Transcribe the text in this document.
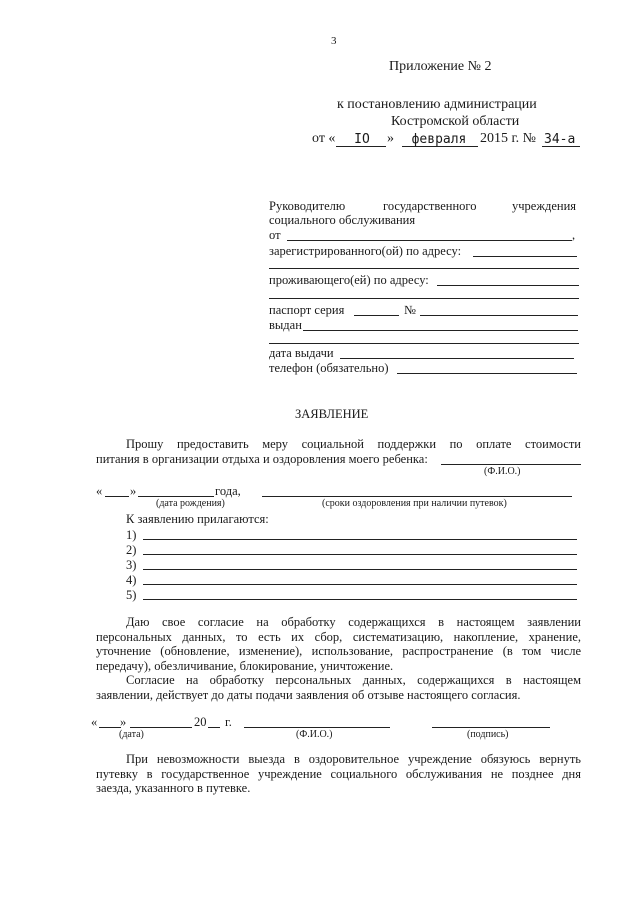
3
Приложение № 2
к постановлению администрации
Костромской области
от «	IO	»	февраля 2015 г. № 34-а
Руководителю	государственного	учреждения
социального обслуживания
от	,
зарегистрированного(ой) по адресу:
проживающего(ей) по адресу:
паспорт серия	№
выдан
дата выдачи
телефон (обязательно)
ЗАЯВЛЕНИЕ
Прошу предоставить меру социальной поддержки по оплате стоимости
питания в организации отдыха и оздоровления моего ребенка:
(Ф.И.О.)
« »	года,
(дата рождения)	(сроки оздоровления при наличии путевок)
К заявлению прилагаются:
1)
2)
3)
4)
5)
Даю свое согласие на обработку содержащихся в настоящем заявлении
персональных данных, то есть их сбор, систематизацию, накопление, хранение,
уточнение (обновление, изменение), использование, распространение (в том числе
передачу), обезличивание, блокирование, уничтожение.
Согласие на обработку персональных данных, содержащихся в настоящем
заявлении, действует до даты подачи заявления об отзыве настоящего согласия.
« »	20 г.
(дата)	(Ф.И.О.)	(подпись)
При невозможности выезда в оздоровительное учреждение обязуюсь вернуть
путевку в государственное учреждение социального обслуживания не позднее дня
заезда, указанного в путевке.
